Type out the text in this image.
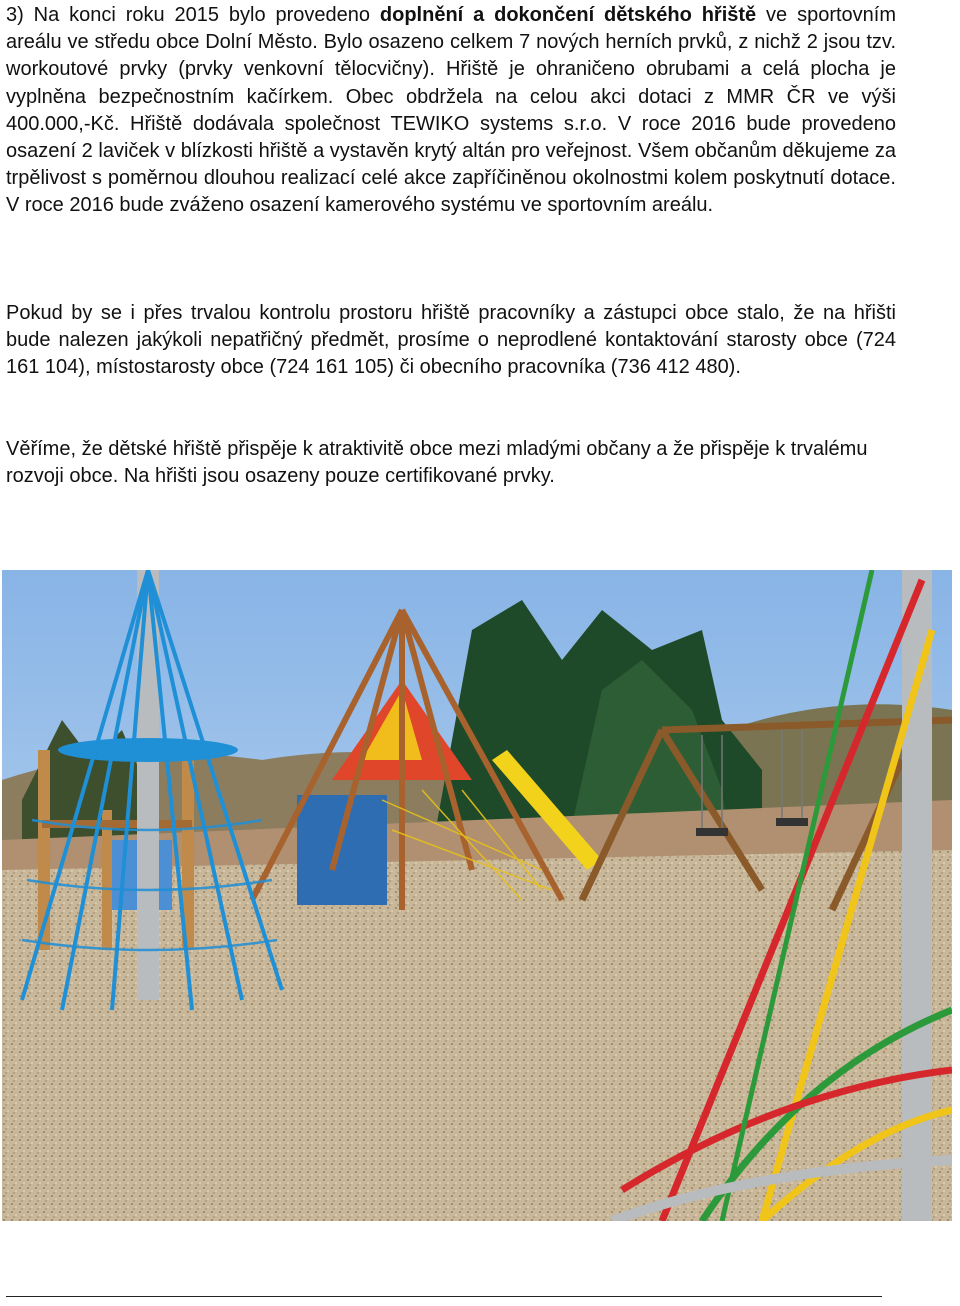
3) Na konci roku 2015 bylo provedeno doplnění a dokončení dětského hřiště ve sportovním areálu ve středu obce Dolní Město. Bylo osazeno celkem 7 nových herních prvků, z nichž 2 jsou tzv. workoutové prvky (prvky venkovní tělocvičny). Hřiště je ohraničeno obrubami a celá plocha je vyplněna bezpečnostním kačírkem. Obec obdržela na celou akci dotaci z MMR ČR ve výši 400.000,-Kč. Hřiště dodávala společnost TEWIKO systems s.r.o. V roce 2016 bude provedeno osazení 2 laviček v blízkosti hřiště a vystavěn krytý altán pro veřejnost. Všem občanům děkujeme za trpělivost s poměrnou dlouhou realizací celé akce zapříčiněnou okolnostmi kolem poskytnutí dotace. V roce 2016 bude zváženo osazení kamerového systému ve sportovním areálu.

Pokud by se i přes trvalou kontrolu prostoru hřiště pracovníky a zástupci obce stalo, že na hřišti bude nalezen jakýkoli nepatřičný předmět, prosíme o neprodlené kontaktování starosty obce (724 161 104), místostarosty obce (724 161 105) či obecního pracovníka (736 412 480).

Věříme, že dětské hřiště přispěje k atraktivitě obce mezi mladými občany a že přispěje k trvalému rozvoji obce. Na hřišti jsou osazeny pouze certifikované prvky.
